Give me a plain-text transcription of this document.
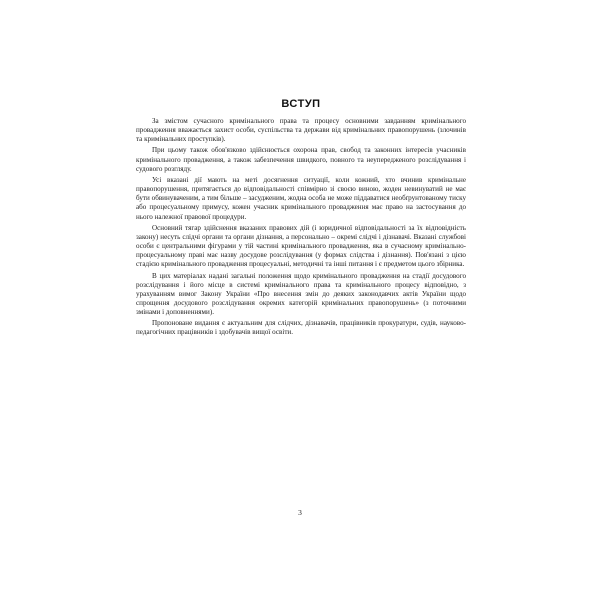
ВСТУП

За змістом сучасного кримінального права та процесу основними завданням кримінального провадження вважається захист особи, суспільства та держави від кримінальних правопорушень (злочинів та кримінальних проступків).

При цьому також обов'язково здійснюється охорона прав, свобод та законних інтересів учасників кримінального провадження, а також забезпечення швидкого, повного та неупередженого розслідування і судового розгляду.

Усі вказані дії мають на меті досягнення ситуації, коли кожний, хто вчинив кримінальне правопорушення, притягається до відповідальності співмірно зі своєю виною, жоден невинуватий не має бути обвинуваченим, а тим більше – засудженим, жодна особа не може піддаватися необґрунтованому тиску або процесуальному примусу, кожен учасник кримінального провадження має право на застосування до нього належної правової процедури.

Основний тягар здійснення вказаних правових дій (і юридичної відповідальності за їх відповідність закону) несуть слідчі органи та органи дізнання, а персонально – окремі слідчі і дізнавачі. Вказані службові особи є центральними фігурами у тій частині кримінального провадження, яка в сучасному кримінально-процесуальному праві має назву досудове розслідування (у формах слідства і дізнання). Пов'язані з цією стадією кримінального провадження процесуальні, методичні та інші питання і є предметом цього збірника.

В цих матеріалах надані загальні положення щодо кримінального провадження на стадії досудового розслідування і його місце в системі кримінального права та кримінального процесу відповідно, з урахуванням вимог Закону України «Про внесення змін до деяких законодавчих актів України щодо спрощення досудового розслідування окремих категорій кримінальних правопорушень» (з поточними змінами і доповненнями).

Пропоноване видання є актуальним для слідчих, дізнавачів, працівників прокуратури, судів, науково-педагогічних працівників і здобувачів вищої освіти.

3
